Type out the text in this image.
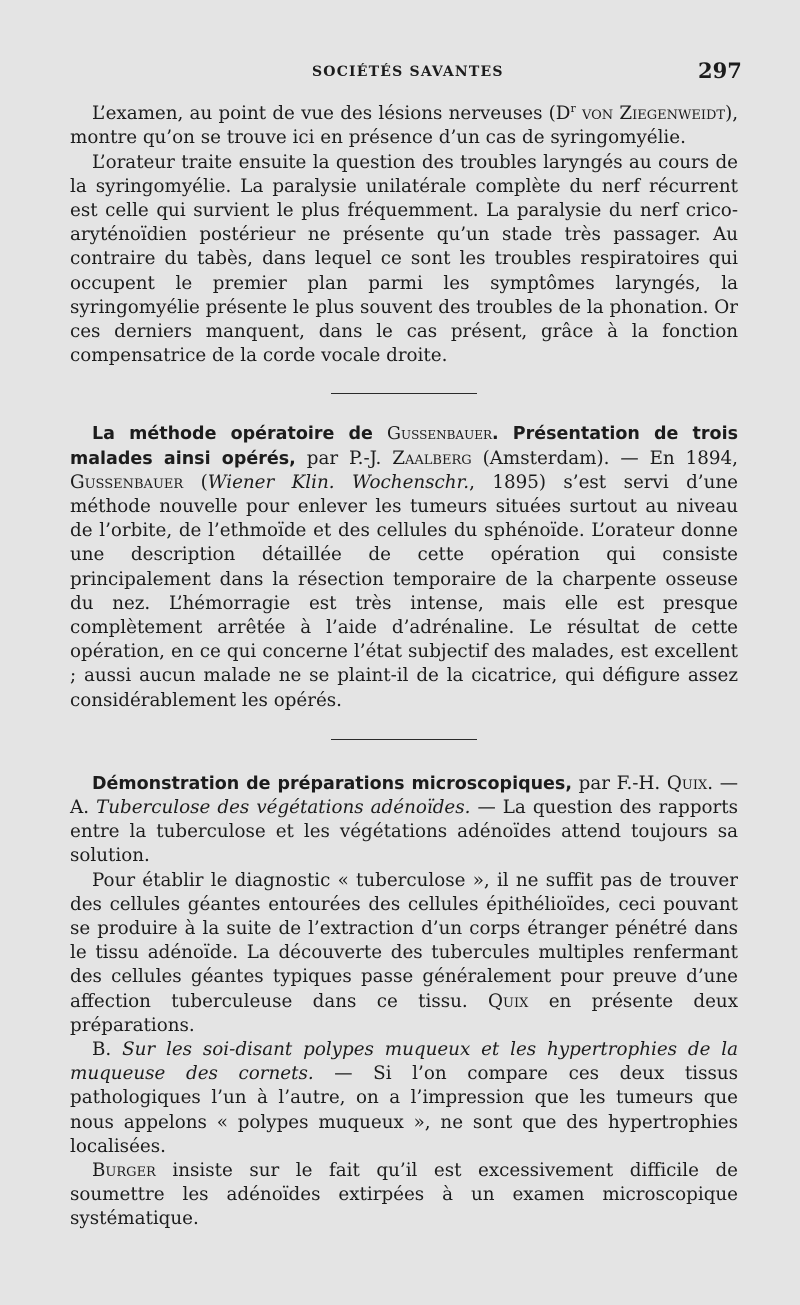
SOCIÉTÉS SAVANTES	297

L’examen, au point de vue des lésions nerveuses ($D^r$ von Ziegenweidt), montre qu’on se trouve ici en présence d’un cas de syringomyélie.

L’orateur traite ensuite la question des troubles laryngés au cours de la syringomyélie. La paralysie unilatérale complète du nerf récurrent est celle qui survient le plus fréquemment. La paralysie du nerf crico-aryténoïdien postérieur ne présente qu’un stade très passager. Au contraire du tabès, dans lequel ce sont les troubles respiratoires qui occupent le premier plan parmi les symptômes laryngés, la syringomyélie présente le plus souvent des troubles de la phonation. Or ces derniers manquent, dans le cas présent, grâce à la fonction compensatrice de la corde vocale droite.

La méthode opératoire de Gussenbauer. Présentation de trois malades ainsi opérés, par P.-J. Zaalberg (Amsterdam). — En 1894, Gussenbauer (Wiener Klin. Wochenschr., 1895) s’est servi d’une méthode nouvelle pour enlever les tumeurs situées surtout au niveau de l’orbite, de l’ethmoïde et des cellules du sphénoïde. L’orateur donne une description détaillée de cette opération qui consiste principalement dans la résection temporaire de la charpente osseuse du nez. L’hémorragie est très intense, mais elle est presque complètement arrêtée à l’aide d’adrénaline. Le résultat de cette opération, en ce qui concerne l’état subjectif des malades, est excellent ; aussi aucun malade ne se plaint-il de la cicatrice, qui défigure assez considérablement les opérés.

Démonstration de préparations microscopiques, par F.-H. Quix. — A. Tuberculose des végétations adénoïdes. — La question des rapports entre la tuberculose et les végétations adénoïdes attend toujours sa solution.

Pour établir le diagnostic « tuberculose », il ne suffit pas de trouver des cellules géantes entourées des cellules épithélioïdes, ceci pouvant se produire à la suite de l’extraction d’un corps étranger pénétré dans le tissu adénoïde. La découverte des tubercules multiples renfermant des cellules géantes typiques passe généralement pour preuve d’une affection tuberculeuse dans ce tissu. Quix en présente deux préparations.

B. Sur les soi-disant polypes muqueux et les hypertrophies de la muqueuse des cornets. — Si l’on compare ces deux tissus pathologiques l’un à l’autre, on a l’impression que les tumeurs que nous appelons « polypes muqueux », ne sont que des hypertrophies localisées.

Burger insiste sur le fait qu’il est excessivement difficile de soumettre les adénoïdes extirpées à un examen microscopique systématique.
